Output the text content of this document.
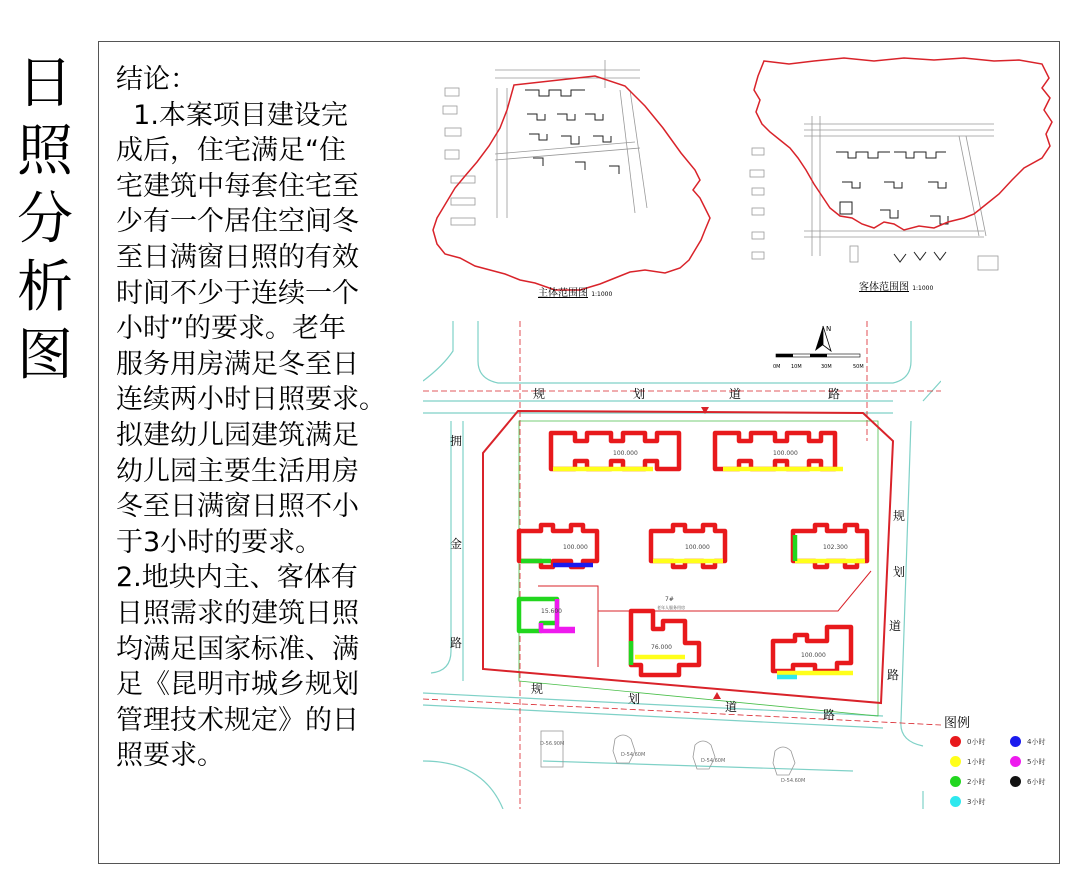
日
照
分
析
图

结论：

1.本案项目建设完

成后，住宅满足“住

宅建筑中每套住宅至

少有一个居住空间冬

至日满窗日照的有效

时间不少于连续一个

小时”的要求。老年

服务用房满足冬至日

连续两小时日照要求。

拟建幼儿园建筑满足

幼儿园主要生活用房

冬至日满窗日照不小

于3小时的要求。

2.地块内主、客体有

日照需求的建筑日照

均满足国家标准、满

足《昆明市城乡规划

管理技术规定》的日

照要求。

主体范围图 1:1000
客体范围图 1:1000
N
0M 10M	30M	50M
规	划	道	路
规
划
道
路
拥
金
路
规
划
道
路
100.000	100.000
100.000	100.000	102.300
15.600
76.000
100.000
7#
老年人服务用房
D-56.90M
D-54.60M
D-54.60M
D-54.60M
图例
0小时
1小时
2小时
3小时
4小时
5小时
6小时
